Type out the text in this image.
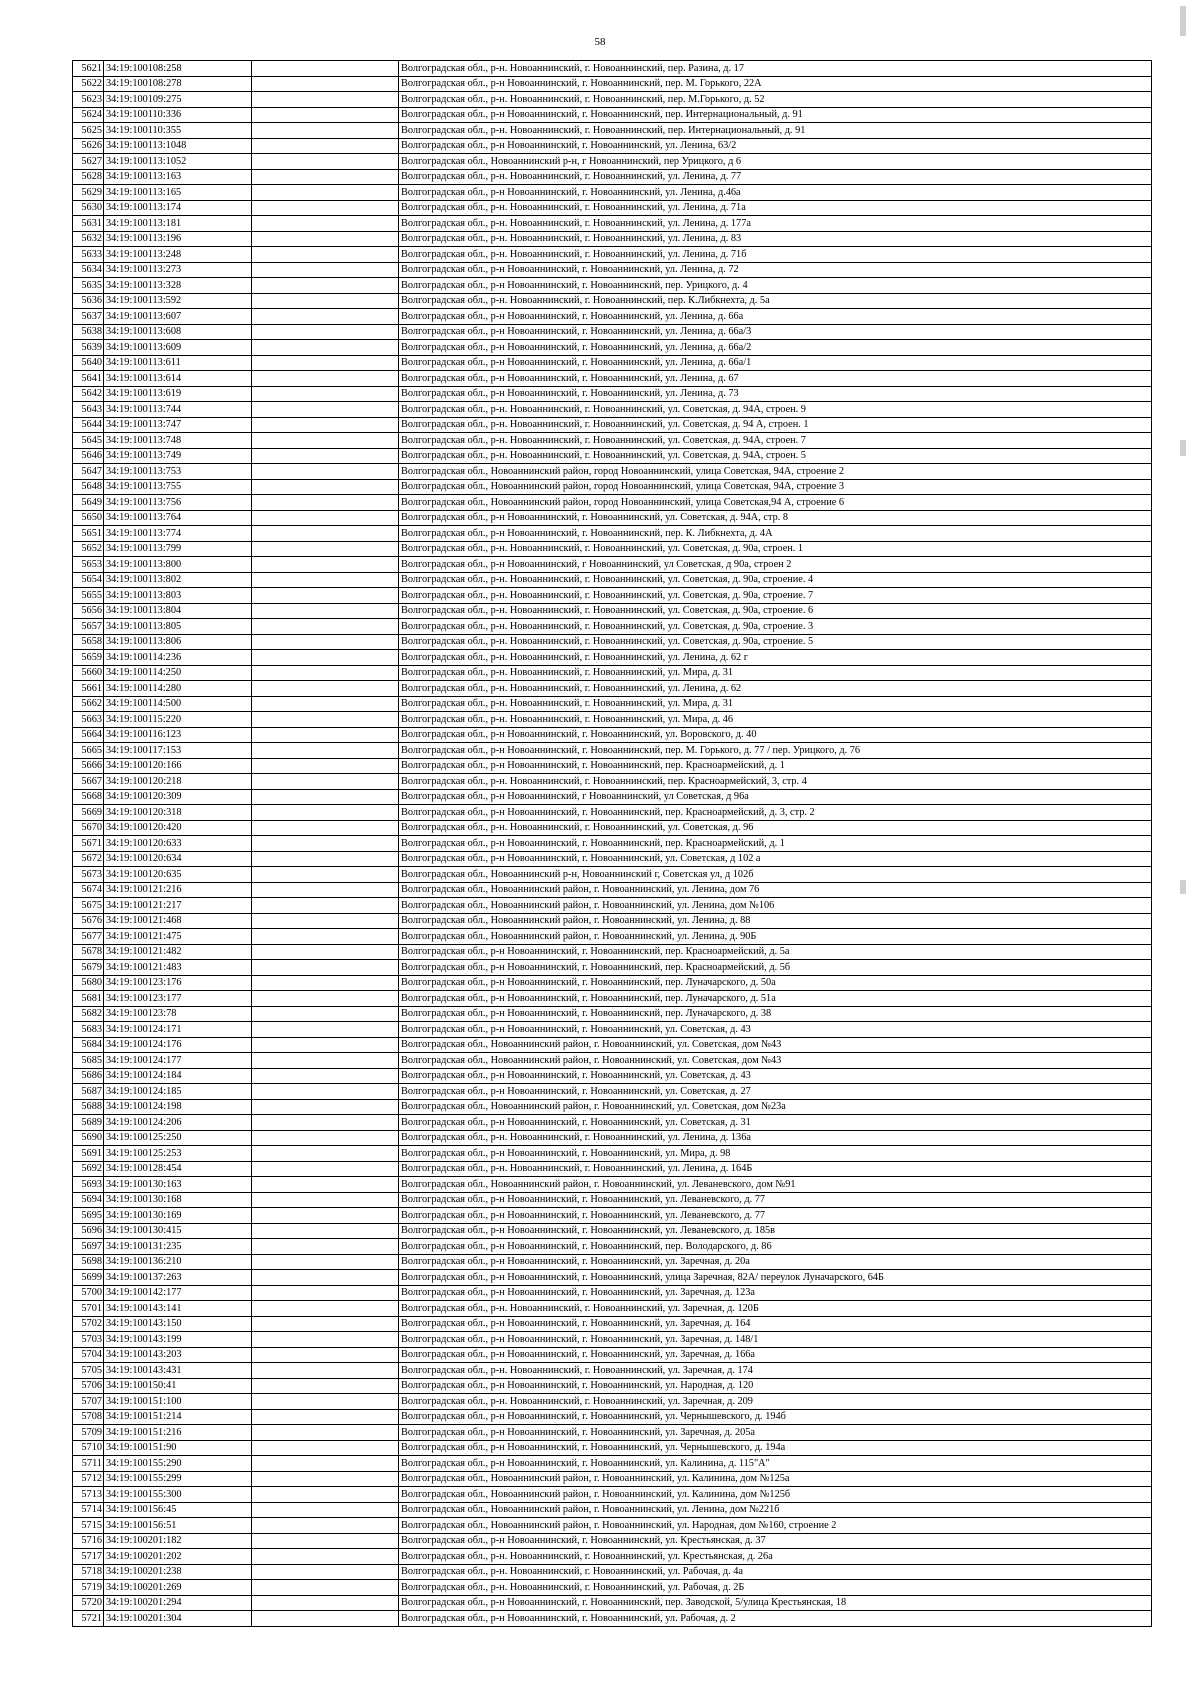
58
5621	34:19:100108:258		Волгоградская обл., р-н. Новоаннинский, г. Новоаннинский, пер. Разина, д. 17
5622	34:19:100108:278		Волгоградская обл., р-н Новоаннинский, г. Новоаннинский, пер. М. Горького, 22А
5623	34:19:100109:275		Волгоградская обл., р-н. Новоаннинский, г. Новоаннинский, пер. М.Горького, д. 52
5624	34:19:100110:336		Волгоградская обл., р-н Новоаннинский, г. Новоаннинский, пер. Интернациональный, д. 91
5625	34:19:100110:355		Волгоградская обл., р-н. Новоаннинский, г. Новоаннинский, пер. Интернациональный, д. 91
5626	34:19:100113:1048		Волгоградская обл., р-н Новоаннинский, г. Новоаннинский, ул. Ленина, 63/2
5627	34:19:100113:1052		Волгоградская обл., Новоаннинский р-н, г Новоаннинский, пер Урицкого, д 6
5628	34:19:100113:163		Волгоградская обл., р-н. Новоаннинский, г. Новоаннинский, ул. Ленина, д. 77
5629	34:19:100113:165		Волгоградская обл., р-н Новоаннинский, г. Новоаннинский, ул. Ленина, д.46а
5630	34:19:100113:174		Волгоградская обл., р-н. Новоаннинский, г. Новоаннинский, ул. Ленина, д. 71а
5631	34:19:100113:181		Волгоградская обл., р-н. Новоаннинский, г. Новоаннинский, ул. Ленина, д. 177а
5632	34:19:100113:196		Волгоградская обл., р-н. Новоаннинский, г. Новоаннинский, ул. Ленина, д. 83
5633	34:19:100113:248		Волгоградская обл., р-н. Новоаннинский, г. Новоаннинский, ул. Ленина, д. 71б
5634	34:19:100113:273		Волгоградская обл., р-н Новоаннинский, г. Новоаннинский, ул. Ленина, д. 72
5635	34:19:100113:328		Волгоградская обл., р-н Новоаннинский, г. Новоаннинский, пер. Урицкого, д. 4
5636	34:19:100113:592		Волгоградская обл., р-н. Новоаннинский, г. Новоаннинский, пер. К.Либкнехта, д. 5а
5637	34:19:100113:607		Волгоградская обл., р-н Новоаннинский, г. Новоаннинский, ул. Ленина, д. 66а
5638	34:19:100113:608		Волгоградская обл., р-н Новоаннинский, г. Новоаннинский, ул. Ленина, д. 66а/3
5639	34:19:100113:609		Волгоградская обл., р-н Новоаннинский, г. Новоаннинский, ул. Ленина, д. 66а/2
5640	34:19:100113:611		Волгоградская обл., р-н Новоаннинский, г. Новоаннинский, ул. Ленина, д. 66а/1
5641	34:19:100113:614		Волгоградская обл., р-н Новоаннинский, г. Новоаннинский, ул. Ленина, д. 67
5642	34:19:100113:619		Волгоградская обл., р-н Новоаннинский, г. Новоаннинский, ул. Ленина, д. 73
5643	34:19:100113:744		Волгоградская обл., р-н. Новоаннинский, г. Новоаннинский, ул. Советская, д. 94А, строен. 9
5644	34:19:100113:747		Волгоградская обл., р-н. Новоаннинский, г. Новоаннинский, ул. Советская, д. 94 А, строен. 1
5645	34:19:100113:748		Волгоградская обл., р-н. Новоаннинский, г. Новоаннинский, ул. Советская, д. 94А, строен. 7
5646	34:19:100113:749		Волгоградская обл., р-н. Новоаннинский, г. Новоаннинский, ул. Советская, д. 94А, строен. 5
5647	34:19:100113:753		Волгоградская обл., Новоаннинский район, город Новоаннинский, улица Советская, 94А, строение 2
5648	34:19:100113:755		Волгоградская обл., Новоаннинский район, город Новоаннинский, улица Советская, 94А, строение 3
5649	34:19:100113:756		Волгоградская обл., Новоаннинский район, город Новоаннинский, улица Советская,94 А, строение 6
5650	34:19:100113:764		Волгоградская обл., р-н Новоаннинский, г. Новоаннинский, ул. Советская, д. 94А, стр. 8
5651	34:19:100113:774		Волгоградская обл., р-н Новоаннинский, г. Новоаннинский, пер. К. Либкнехта, д. 4А
5652	34:19:100113:799		Волгоградская обл., р-н. Новоаннинский, г. Новоаннинский, ул. Советская, д. 90а, строен. 1
5653	34:19:100113:800		Волгоградская обл., р-н Новоаннинский, г Новоаннинский, ул Советская, д 90а, строен 2
5654	34:19:100113:802		Волгоградская обл., р-н. Новоаннинский, г. Новоаннинский, ул. Советская, д. 90а, строение. 4
5655	34:19:100113:803		Волгоградская обл., р-н. Новоаннинский, г. Новоаннинский, ул. Советская, д. 90а, строение. 7
5656	34:19:100113:804		Волгоградская обл., р-н. Новоаннинский, г. Новоаннинский, ул. Советская, д. 90а, строение. 6
5657	34:19:100113:805		Волгоградская обл., р-н. Новоаннинский, г. Новоаннинский, ул. Советская, д. 90а, строение. 3
5658	34:19:100113:806		Волгоградская обл., р-н. Новоаннинский, г. Новоаннинский, ул. Советская, д. 90а, строение. 5
5659	34:19:100114:236		Волгоградская обл., р-н. Новоаннинский, г. Новоаннинский, ул. Ленина, д. 62 г
5660	34:19:100114:250		Волгоградская обл., р-н. Новоаннинский, г. Новоаннинский, ул. Мира, д. 31
5661	34:19:100114:280		Волгоградская обл., р-н. Новоаннинский, г. Новоаннинский, ул. Ленина, д. 62
5662	34:19:100114:500		Волгоградская обл., р-н. Новоаннинский, г. Новоаннинский, ул. Мира, д. 31
5663	34:19:100115:220		Волгоградская обл., р-н. Новоаннинский, г. Новоаннинский, ул. Мира, д. 46
5664	34:19:100116:123		Волгоградская обл., р-н Новоаннинский, г. Новоаннинский, ул. Воровского, д. 40
5665	34:19:100117:153		Волгоградская обл., р-н Новоаннинский, г. Новоаннинский, пер. М. Горького, д. 77 / пер. Урицкого, д. 76
5666	34:19:100120:166		Волгоградская обл., р-н Новоаннинский, г. Новоаннинский, пер. Красноармейский, д. 1
5667	34:19:100120:218		Волгоградская обл., р-н. Новоаннинский, г. Новоаннинский, пер. Красноармейский, 3, стр. 4
5668	34:19:100120:309		Волгоградская обл., р-н Новоаннинский, г Новоаннинский, ул Советская, д 96а
5669	34:19:100120:318		Волгоградская обл., р-н Новоаннинский, г. Новоаннинский, пер. Красноармейский, д. 3, стр. 2
5670	34:19:100120:420		Волгоградская обл., р-н. Новоаннинский, г. Новоаннинский, ул. Советская, д. 96
5671	34:19:100120:633		Волгоградская обл., р-н Новоаннинский, г. Новоаннинский, пер. Красноармейский, д. 1
5672	34:19:100120:634		Волгоградская обл., р-н Новоаннинский, г. Новоаннинский, ул. Советская, д 102 а
5673	34:19:100120:635		Волгоградская обл., Новоаннинский р-н, Новоаннинский г, Советская ул, д 102б
5674	34:19:100121:216		Волгоградская обл., Новоаннинский район, г. Новоаннинский, ул. Ленина, дом 76
5675	34:19:100121:217		Волгоградская обл., Новоаннинский район, г. Новоаннинский, ул. Ленина, дом №106
5676	34:19:100121:468		Волгоградская обл., Новоаннинский район, г. Новоаннинский, ул. Ленина, д. 88
5677	34:19:100121:475		Волгоградская обл., Новоаннинский район, г. Новоаннинский, ул. Ленина, д. 90Б
5678	34:19:100121:482		Волгоградская обл., р-н Новоаннинский, г. Новоаннинский, пер. Красноармейский, д. 5а
5679	34:19:100121:483		Волгоградская обл., р-н Новоаннинский, г. Новоаннинский, пер. Красноармейский, д. 5б
5680	34:19:100123:176		Волгоградская обл., р-н Новоаннинский, г. Новоаннинский, пер. Луначарского, д. 50а
5681	34:19:100123:177		Волгоградская обл., р-н Новоаннинский, г. Новоаннинский, пер. Луначарского, д. 51а
5682	34:19:100123:78		Волгоградская обл., р-н Новоаннинский, г. Новоаннинский, пер. Луначарского, д. 38
5683	34:19:100124:171		Волгоградская обл., р-н Новоаннинский, г. Новоаннинский, ул. Советская, д. 43
5684	34:19:100124:176		Волгоградская обл., Новоаннинский район, г. Новоаннинский, ул. Советская, дом №43
5685	34:19:100124:177		Волгоградская обл., Новоаннинский район, г. Новоаннинский, ул. Советская, дом №43
5686	34:19:100124:184		Волгоградская обл., р-н Новоаннинский, г. Новоаннинский, ул. Советская, д. 43
5687	34:19:100124:185		Волгоградская обл., р-н Новоаннинский, г. Новоаннинский, ул. Советская, д. 27
5688	34:19:100124:198		Волгоградская обл., Новоаннинский район, г. Новоаннинский, ул. Советская, дом №23а
5689	34:19:100124:206		Волгоградская обл., р-н Новоаннинский, г. Новоаннинский, ул. Советская, д. 31
5690	34:19:100125:250		Волгоградская обл., р-н. Новоаннинский, г. Новоаннинский, ул. Ленина, д. 136а
5691	34:19:100125:253		Волгоградская обл., р-н Новоаннинский, г. Новоаннинский, ул. Мира, д. 98
5692	34:19:100128:454		Волгоградская обл., р-н. Новоаннинский, г. Новоаннинский, ул. Ленина, д. 164Б
5693	34:19:100130:163		Волгоградская обл., Новоаннинский район, г. Новоаннинский, ул. Леваневского, дом №91
5694	34:19:100130:168		Волгоградская обл., р-н Новоаннинский, г. Новоаннинский, ул. Леваневского, д. 77
5695	34:19:100130:169		Волгоградская обл., р-н Новоаннинский, г. Новоаннинский, ул. Леваневского, д. 77
5696	34:19:100130:415		Волгоградская обл., р-н Новоаннинский, г. Новоаннинский, ул. Леваневского, д. 185в
5697	34:19:100131:235		Волгоградская обл., р-н Новоаннинский, г. Новоаннинский, пер. Володарского, д. 86
5698	34:19:100136:210		Волгоградская обл., р-н Новоаннинский, г. Новоаннинский, ул. Заречная, д. 20а
5699	34:19:100137:263		Волгоградская обл., р-н Новоаннинский, г. Новоаннинский, улица Заречная, 82А/ переулок Луначарского, 64Б
5700	34:19:100142:177		Волгоградская обл., р-н Новоаннинский, г. Новоаннинский, ул. Заречная, д. 123а
5701	34:19:100143:141		Волгоградская обл., р-н. Новоаннинский, г. Новоаннинский, ул. Заречная, д. 120Б
5702	34:19:100143:150		Волгоградская обл., р-н Новоаннинский, г. Новоаннинский, ул. Заречная, д. 164
5703	34:19:100143:199		Волгоградская обл., р-н Новоаннинский, г. Новоаннинский, ул. Заречная, д. 148/1
5704	34:19:100143:203		Волгоградская обл., р-н Новоаннинский, г. Новоаннинский, ул. Заречная, д. 166а
5705	34:19:100143:431		Волгоградская обл., р-н. Новоаннинский, г. Новоаннинский, ул. Заречная, д. 174
5706	34:19:100150:41		Волгоградская обл., р-н Новоаннинский, г. Новоаннинский, ул. Народная, д. 120
5707	34:19:100151:100		Волгоградская обл., р-н. Новоаннинский, г. Новоаннинский, ул. Заречная, д. 209
5708	34:19:100151:214		Волгоградская обл., р-н Новоаннинский, г. Новоаннинский, ул. Чернышевского, д. 194б
5709	34:19:100151:216		Волгоградская обл., р-н Новоаннинский, г. Новоаннинский, ул. Заречная, д. 205а
5710	34:19:100151:90		Волгоградская обл., р-н Новоаннинский, г. Новоаннинский, ул. Чернышевского, д. 194а
5711	34:19:100155:290		Волгоградская обл., р-н Новоаннинский, г. Новоаннинский, ул. Калинина, д. 115"А"
5712	34:19:100155:299		Волгоградская обл., Новоаннинский район, г. Новоаннинский, ул. Калинина, дом №125а
5713	34:19:100155:300		Волгоградская обл., Новоаннинский район, г. Новоаннинский, ул. Калинина, дом №125б
5714	34:19:100156:45		Волгоградская обл., Новоаннинский район, г. Новоаннинский, ул. Ленина, дом №221б
5715	34:19:100156:51		Волгоградская обл., Новоаннинский район, г. Новоаннинский, ул. Народная, дом №160, строение 2
5716	34:19:100201:182		Волгоградская обл., р-н Новоаннинский, г. Новоаннинский, ул. Крестьянская, д. 37
5717	34:19:100201:202		Волгоградская обл., р-н. Новоаннинский, г. Новоаннинский, ул. Крестьянская, д. 26а
5718	34:19:100201:238		Волгоградская обл., р-н. Новоаннинский, г. Новоаннинский, ул. Рабочая, д. 4а
5719	34:19:100201:269		Волгоградская обл., р-н. Новоаннинский, г. Новоаннинский, ул. Рабочая, д. 2Б
5720	34:19:100201:294		Волгоградская обл., р-н Новоаннинский, г. Новоаннинский, пер. Заводской, 5/улица Крестьянская, 18
5721	34:19:100201:304		Волгоградская обл., р-н Новоаннинский, г. Новоаннинский, ул. Рабочая, д. 2
